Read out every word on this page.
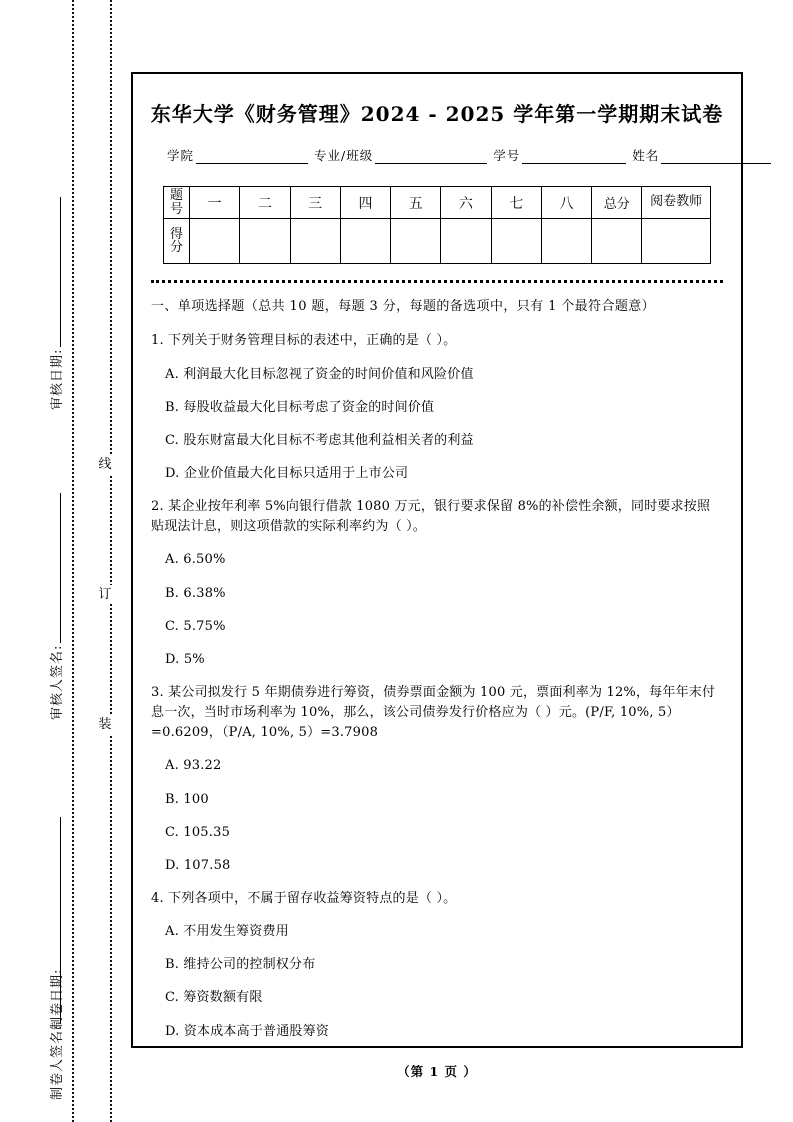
线
订
装
审核日期:
审核人签名:
制卷日期:
制卷人签名:
东华大学《财务管理》2024 - 2025 学年第一学期期末试卷
学院	专业/班级	学号	姓名
题号	一	二	三	四	五	六	七	八	总分	阅卷教师
得分										
一、单项选择题（总共 10 题，每题 3 分，每题的备选项中，只有 1 个最符合题意）
1. 下列关于财务管理目标的表述中，正确的是（ ）。
A. 利润最大化目标忽视了资金的时间价值和风险价值
B. 每股收益最大化目标考虑了资金的时间价值
C. 股东财富最大化目标不考虑其他利益相关者的利益
D. 企业价值最大化目标只适用于上市公司
2. 某企业按年利率 5%向银行借款 1080 万元，银行要求保留 8%的补偿性余额，同时要求按照贴现法计息，则这项借款的实际利率约为（ ）。
A. 6.50%
B. 6.38%
C. 5.75%
D. 5%
3. 某公司拟发行 5 年期债券进行筹资，债券票面金额为 100 元，票面利率为 12%，每年年末付息一次，当时市场利率为 10%，那么，该公司债券发行价格应为（ ）元。(P/F, 10%, 5）=0.6209，（P/A, 10%, 5）=3.7908
A. 93.22
B. 100
C. 105.35
D. 107.58
4. 下列各项中，不属于留存收益筹资特点的是（ ）。
A. 不用发生筹资费用
B. 维持公司的控制权分布
C. 筹资数额有限
D. 资本成本高于普通股筹资
（第 1 页 ）
